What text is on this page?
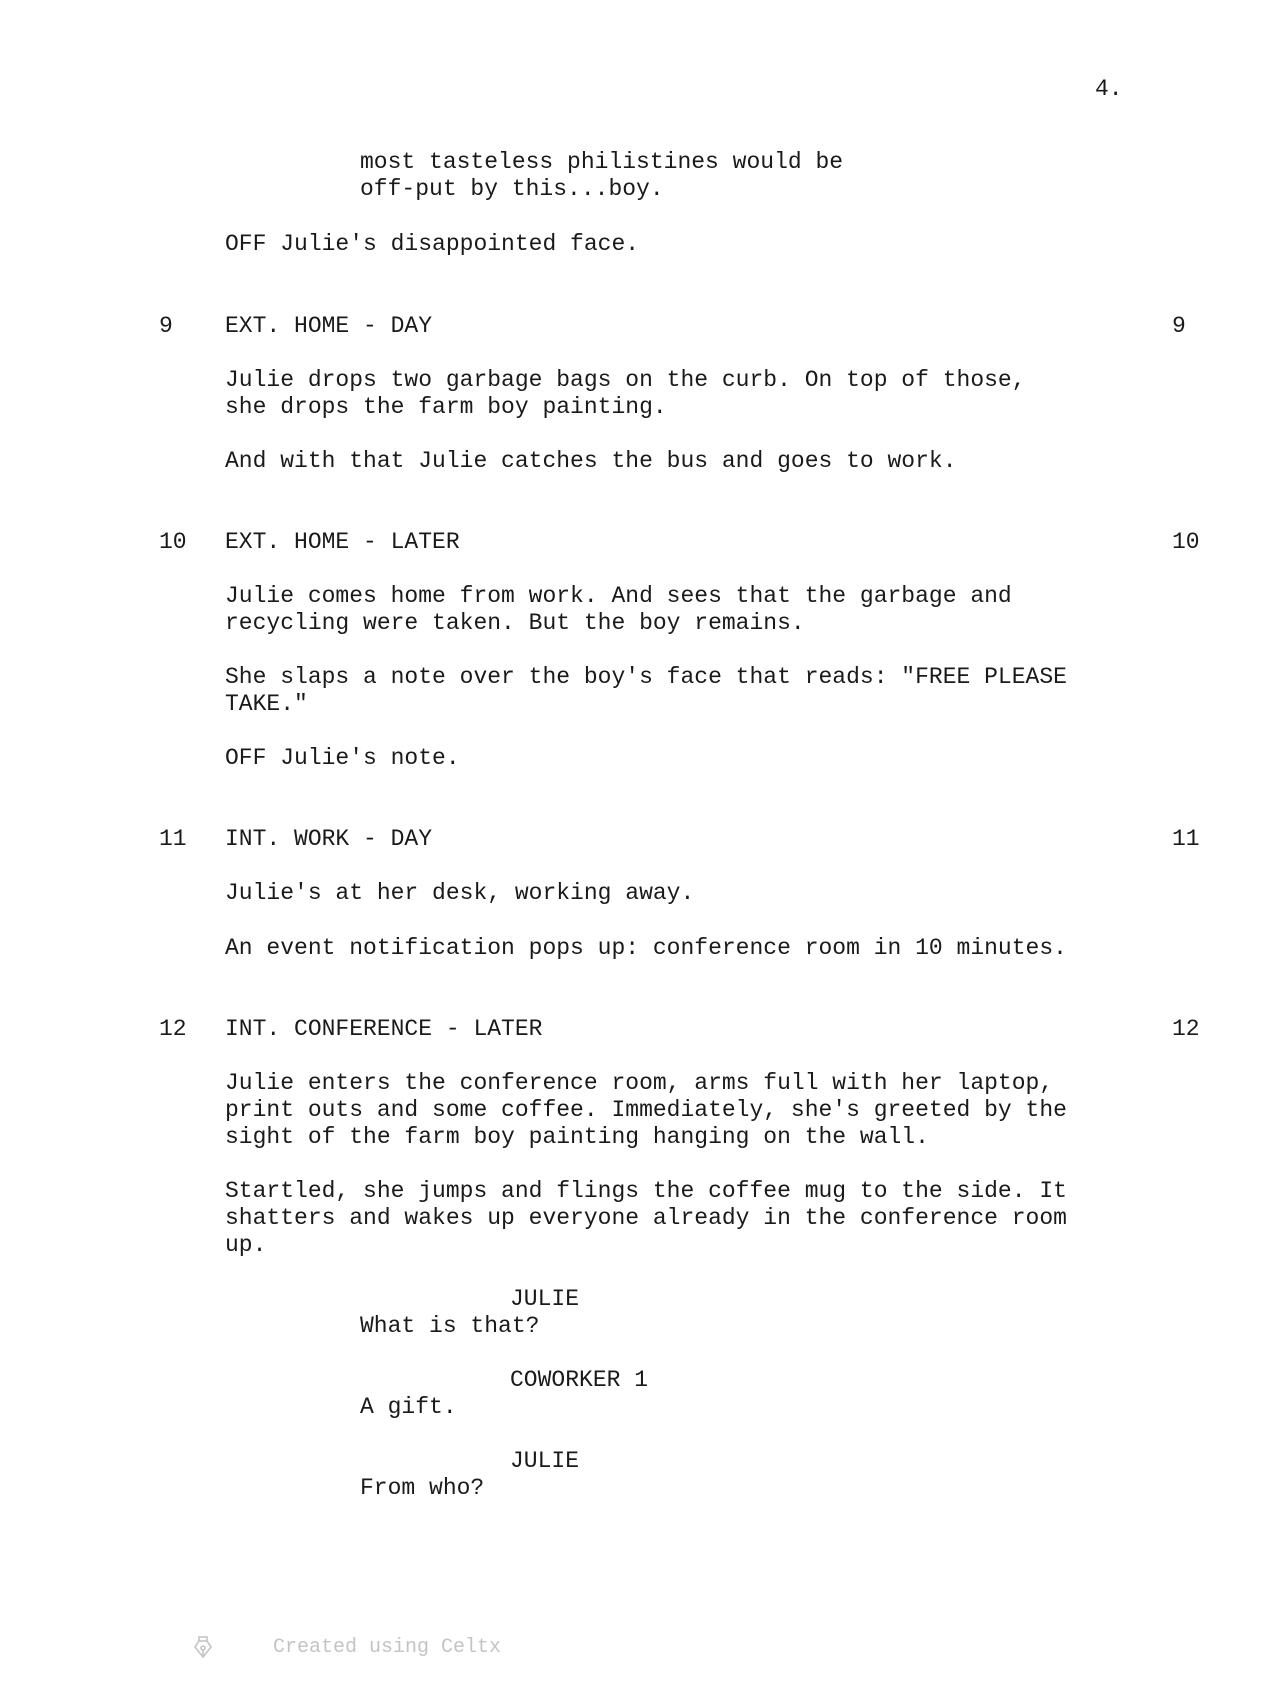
4.
most tasteless philistines would be
off-put by this...boy.
OFF Julie's disappointed face.
9 EXT. HOME - DAY	9
Julie drops two garbage bags on the curb. On top of those,
she drops the farm boy painting.
And with that Julie catches the bus and goes to work.
10 EXT. HOME - LATER	10
Julie comes home from work. And sees that the garbage and
recycling were taken. But the boy remains.
She slaps a note over the boy's face that reads: "FREE PLEASE
TAKE."
OFF Julie's note.
11 INT. WORK - DAY	11
Julie's at her desk, working away.
An event notification pops up: conference room in 10 minutes.
12 INT. CONFERENCE - LATER	12
Julie enters the conference room, arms full with her laptop,
print outs and some coffee. Immediately, she's greeted by the
sight of the farm boy painting hanging on the wall.
Startled, she jumps and flings the coffee mug to the side. It
shatters and wakes up everyone already in the conference room
up.
JULIE
What is that?
COWORKER 1
A gift.
JULIE
From who?

Created using Celtx
